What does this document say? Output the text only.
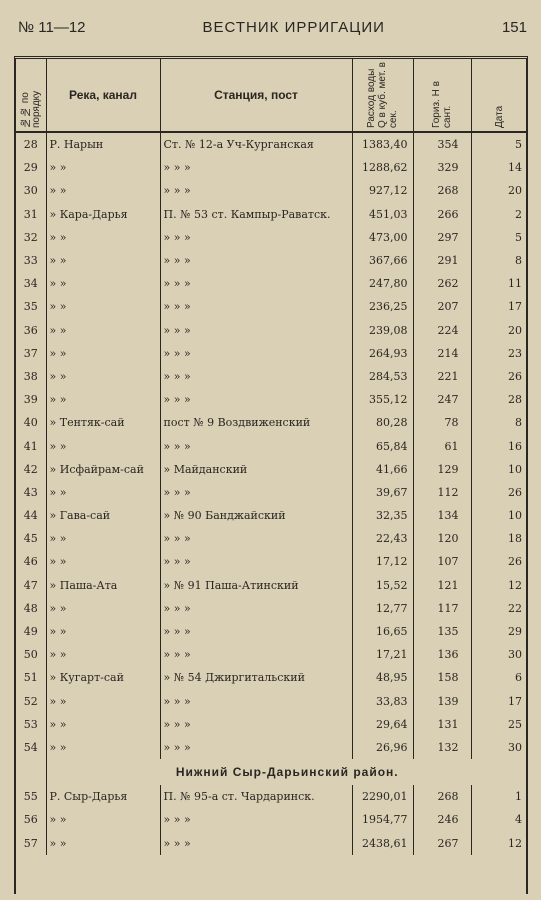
№ 11—12	ВЕСТНИК ИРРИГАЦИИ	151
№№ по порядку	Река, канал	Станция, пост	Расход воды Q в куб. мет. в сек.	Гориз. Н в сант.	Дата

28	Р. Нарын	Ст. № 12-а Уч-Курганская	1383,40	354	5
29	» »	» » »	1288,62	329	14
30	» »	» » »	927,12	268	20
31	» Кара-Дарья	П. № 53 ст. Кампыр-Раватск.	451,03	266	2
32	» »	» » »	473,00	297	5
33	» »	» » »	367,66	291	8
34	» »	» » »	247,80	262	11
35	» »	» » »	236,25	207	17
36	» »	» » »	239,08	224	20
37	» »	» » »	264,93	214	23
38	» »	» » »	284,53	221	26
39	» »	» » »	355,12	247	28
40	» Тентяк-сай	пост № 9 Воздвиженский	80,28	78	8
41	» »	» » »	65,84	61	16
42	» Исфайрам-сай	» Майданский	41,66	129	10
43	» »	» » »	39,67	112	26
44	» Гава-сай	» № 90 Банджайский	32,35	134	10
45	» »	» » »	22,43	120	18
46	» »	» » »	17,12	107	26
47	» Паша-Ата	» № 91 Паша-Атинский	15,52	121	12
48	» »	» » »	12,77	117	22
49	» »	» » »	16,65	135	29
50	» »	» » »	17,21	136	30
51	» Кугарт-сай	» № 54 Джиргитальский	48,95	158	6
52	» »	» » »	33,83	139	17
53	» »	» » »	29,64	131	25
54	» »	» » »	26,96	132	30
	Нижний Сыр-Дарьинский район.				
55	Р. Сыр-Дарья	П. № 95-а ст. Чардаринск.	2290,01	268	1
56	» »	» » »	1954,77	246	4
57	» »	» » »	2438,61	267	12
